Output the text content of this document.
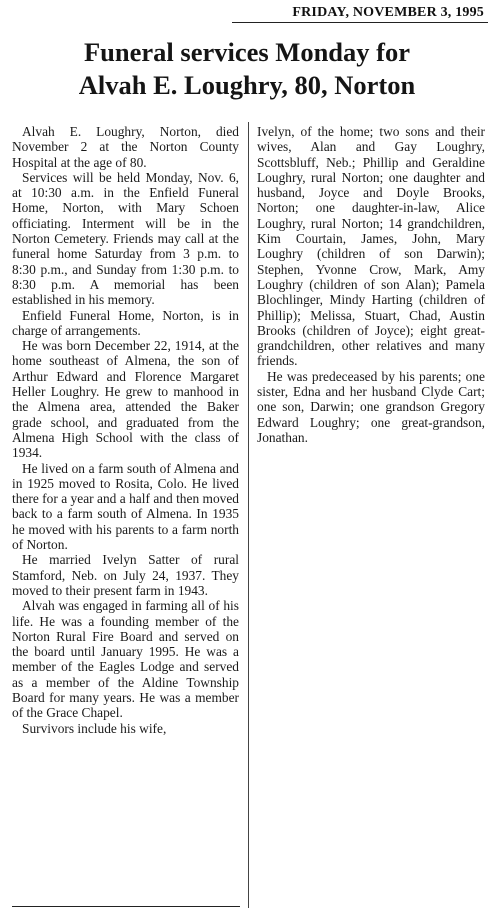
FRIDAY, NOVEMBER 3, 1995
Funeral services Monday for
Alvah E. Loughry, 80, Norton

Alvah E. Loughry, Norton, died November 2 at the Norton County Hospital at the age of 80.

Services will be held Monday, Nov. 6, at 10:30 a.m. in the Enfield Funeral Home, Norton, with Mary Schoen officiating. Interment will be in the Norton Cemetery. Friends may call at the funeral home Saturday from 3 p.m. to 8:30 p.m., and Sunday from 1:30 p.m. to 8:30 p.m. A memorial has been established in his memory.

Enfield Funeral Home, Norton, is in charge of arrangements.

He was born December 22, 1914, at the home southeast of Almena, the son of Arthur Edward and Florence Margaret Heller Loughry. He grew to manhood in the Almena area, attended the Baker grade school, and graduated from the Almena High School with the class of 1934.

He lived on a farm south of Almena and in 1925 moved to Rosita, Colo. He lived there for a year and a half and then moved back to a farm south of Almena. In 1935 he moved with his parents to a farm north of Norton.

He married Ivelyn Satter of rural Stamford, Neb. on July 24, 1937. They moved to their present farm in 1943.

Alvah was engaged in farming all of his life. He was a founding member of the Norton Rural Fire Board and served on the board until January 1995. He was a member of the Eagles Lodge and served as a member of the Aldine Township Board for many years. He was a member of the Grace Chapel.

Survivors include his wife,

Ivelyn, of the home; two sons and their wives, Alan and Gay Loughry, Scottsbluff, Neb.; Phillip and Geraldine Loughry, rural Norton; one daughter and husband, Joyce and Doyle Brooks, Norton; one daughter-in-law, Alice Loughry, rural Norton; 14 grandchildren, Kim Courtain, James, John, Mary Loughry (children of son Darwin); Stephen, Yvonne Crow, Mark, Amy Loughry (children of son Alan); Pamela Blochlinger, Mindy Harting (children of Phillip); Melissa, Stuart, Chad, Austin Brooks (children of Joyce); eight great-grandchildren, other relatives and many friends.

He was predeceased by his parents; one sister, Edna and her husband Clyde Cart; one son, Darwin; one grandson Gregory Edward Loughry; one great-grandson, Jonathan.
